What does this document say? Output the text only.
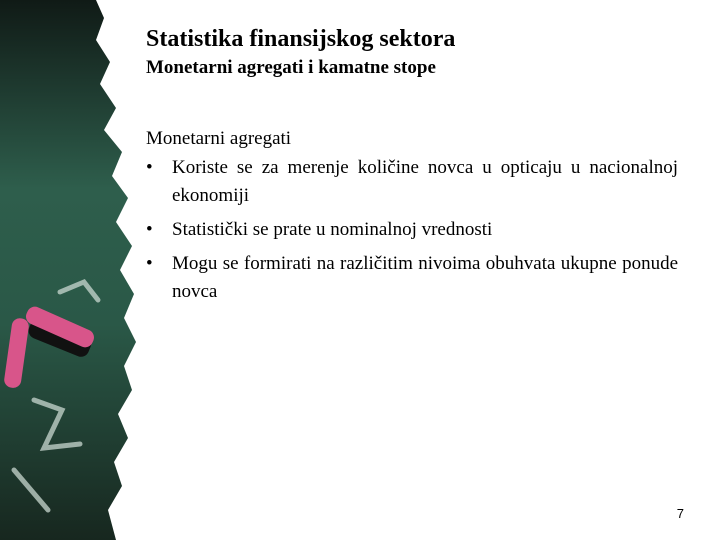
Statistika finansijskog sektora
Monetarni agregati i kamatne stope
Monetarni agregati
• Koriste se za merenje količine novca u opticaju u nacionalnoj ekonomiji
• Statistički se prate u nominalnoj vrednosti
• Mogu se formirati na različitim nivoima obuhvata ukupne ponude novca
7
